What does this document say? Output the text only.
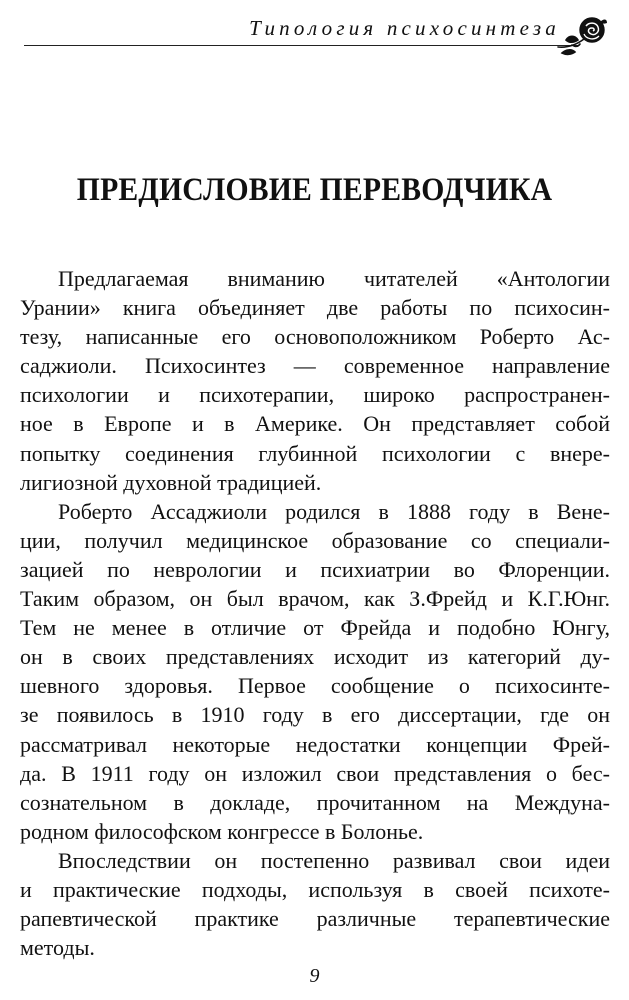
Типология психосинтеза
ПРЕДИСЛОВИЕ ПЕРЕВОДЧИКА
Предлагаемая вниманию читателей «Антологии
Урании» книга объединяет две работы по психосин-
тезу, написанные его основоположником Роберто Ас-
саджиоли. Психосинтез — современное направление
психологии и психотерапии, широко распространен-
ное в Европе и в Америке. Он представляет собой
попытку соединения глубинной психологии с внере-
лигиозной духовной традицией.
Роберто Ассаджиоли родился в 1888 году в Вене-
ции, получил медицинское образование со специали-
зацией по неврологии и психиатрии во Флоренции.
Таким образом, он был врачом, как З.Фрейд и К.Г.Юнг.
Тем не менее в отличие от Фрейда и подобно Юнгу,
он в своих представлениях исходит из категорий ду-
шевного здоровья. Первое сообщение о психосинте-
зе появилось в 1910 году в его диссертации, где он
рассматривал некоторые недостатки концепции Фрей-
да. В 1911 году он изложил свои представления о бес-
сознательном в докладе, прочитанном на Междуна-
родном философском конгрессе в Болонье.
Впоследствии он постепенно развивал свои идеи
и практические подходы, используя в своей психоте-
рапевтической практике различные терапевтические
методы.
9
